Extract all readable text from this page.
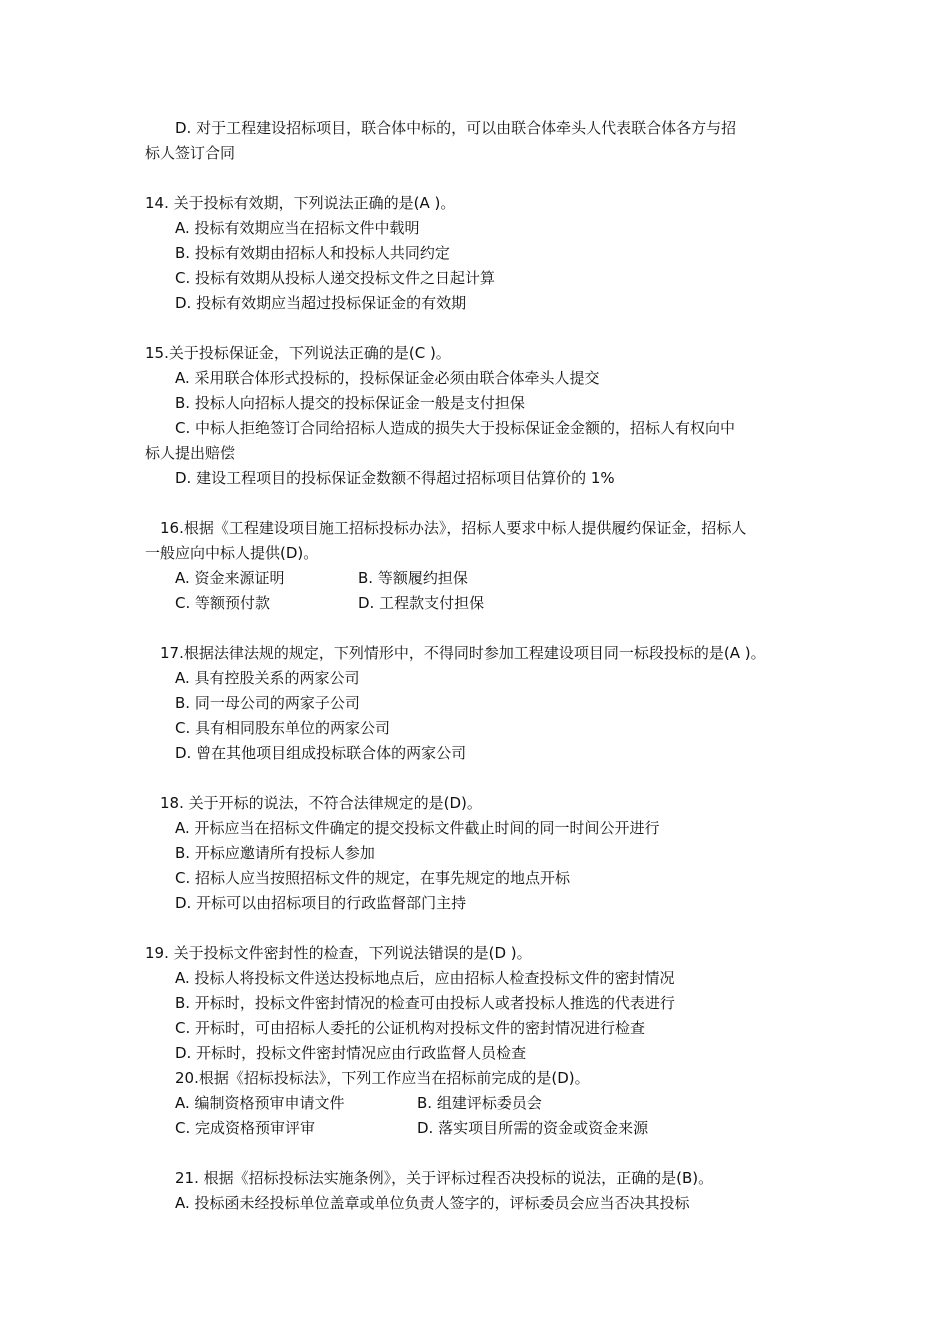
D. 对于工程建设招标项目，联合体中标的，可以由联合体牵头人代表联合体各方与招
标人签订合同
14. 关于投标有效期，下列说法正确的是(A )。
A. 投标有效期应当在招标文件中载明
B. 投标有效期由招标人和投标人共同约定
C. 投标有效期从投标人递交投标文件之日起计算
D. 投标有效期应当超过投标保证金的有效期
15.关于投标保证金，下列说法正确的是(C )。
A. 采用联合体形式投标的，投标保证金必须由联合体牵头人提交
B. 投标人向招标人提交的投标保证金一般是支付担保
C. 中标人拒绝签订合同给招标人造成的损失大于投标保证金金额的，招标人有权向中
标人提出赔偿
D. 建设工程项目的投标保证金数额不得超过招标项目估算价的 1%
16.根据《工程建设项目施工招标投标办法》，招标人要求中标人提供履约保证金，招标人
一般应向中标人提供(D)。
A. 资金来源证明	B. 等额履约担保
C. 等额预付款	D. 工程款支付担保
17.根据法律法规的规定，下列情形中，不得同时参加工程建设项目同一标段投标的是(A )。
A. 具有控股关系的两家公司
B. 同一母公司的两家子公司
C. 具有相同股东单位的两家公司
D. 曾在其他项目组成投标联合体的两家公司
18. 关于开标的说法，不符合法律规定的是(D)。
A. 开标应当在招标文件确定的提交投标文件截止时间的同一时间公开进行
B. 开标应邀请所有投标人参加
C. 招标人应当按照招标文件的规定，在事先规定的地点开标
D. 开标可以由招标项目的行政监督部门主持
19. 关于投标文件密封性的检查，下列说法错误的是(D )。
A. 投标人将投标文件送达投标地点后，应由招标人检查投标文件的密封情况
B. 开标时，投标文件密封情况的检查可由投标人或者投标人推选的代表进行
C. 开标时，可由招标人委托的公证机构对投标文件的密封情况进行检查
D. 开标时，投标文件密封情况应由行政监督人员检查
20.根据《招标投标法》，下列工作应当在招标前完成的是(D)。
A. 编制资格预审申请文件	B. 组建评标委员会
C. 完成资格预审评审	D. 落实项目所需的资金或资金来源
21. 根据《招标投标法实施条例》，关于评标过程否决投标的说法，正确的是(B)。
A. 投标函未经投标单位盖章或单位负责人签字的，评标委员会应当否决其投标
